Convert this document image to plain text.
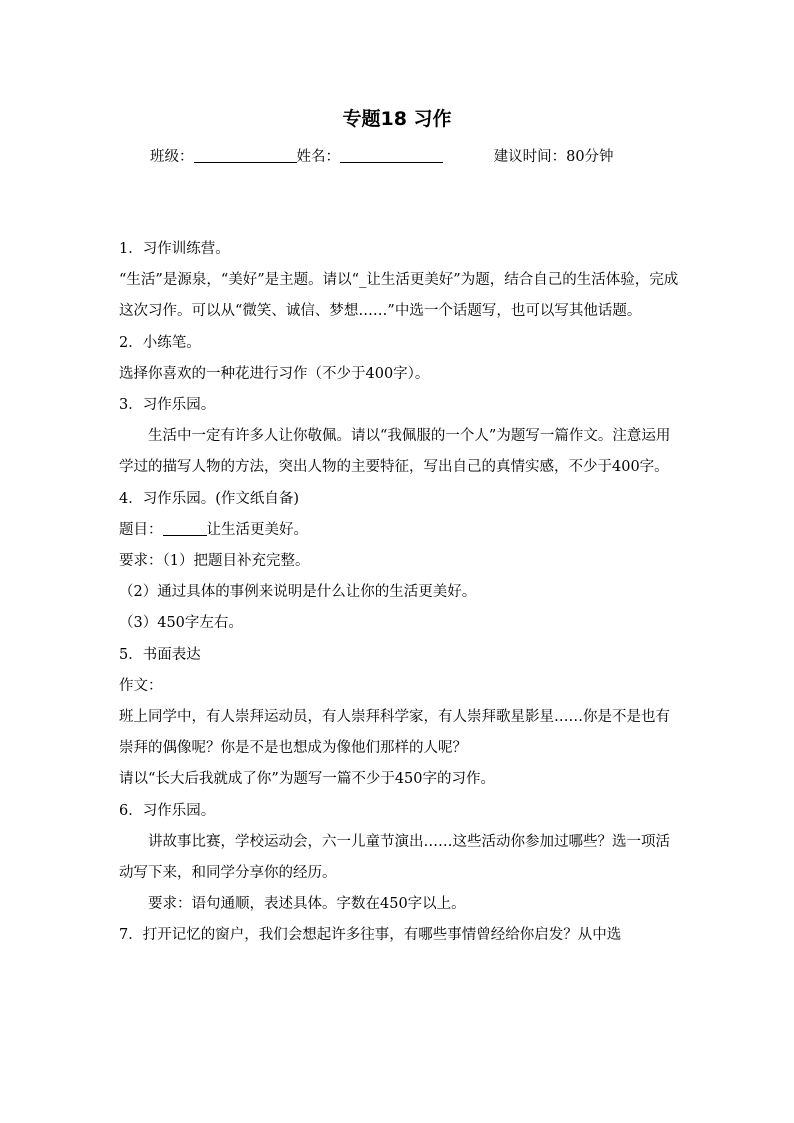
专题18 习作
班级：	姓名：	建议时间：80分钟

1．习作训练营。

“生活”是源泉，“美好”是主题。请以“_让生活更美好”为题，结合自己的生活体验，完成这次习作。可以从“微笑、诚信、梦想……”中选一个话题写，也可以写其他话题。

2．小练笔。

选择你喜欢的一种花进行习作（不少于400字）。

3．习作乐园。

生活中一定有许多人让你敬佩。请以“我佩服的一个人”为题写一篇作文。注意运用学过的描写人物的方法，突出人物的主要特征，写出自己的真情实感，不少于400字。

4．习作乐园。(作文纸自备)

题目：	让生活更美好。

要求：（1）把题目补充完整。

（2）通过具体的事例来说明是什么让你的生活更美好。

（3）450字左右。

5．书面表达

作文：

班上同学中，有人崇拜运动员，有人崇拜科学家，有人崇拜歌星影星……你是不是也有崇拜的偶像呢？你是不是也想成为像他们那样的人呢？

请以“长大后我就成了你”为题写一篇不少于450字的习作。

6．习作乐园。

讲故事比赛，学校运动会，六一儿童节演出……这些活动你参加过哪些？选一项活动写下来，和同学分享你的经历。

要求：语句通顺，表述具体。字数在450字以上。

7．打开记忆的窗户，我们会想起许多往事，有哪些事情曾经给你启发？从中选
